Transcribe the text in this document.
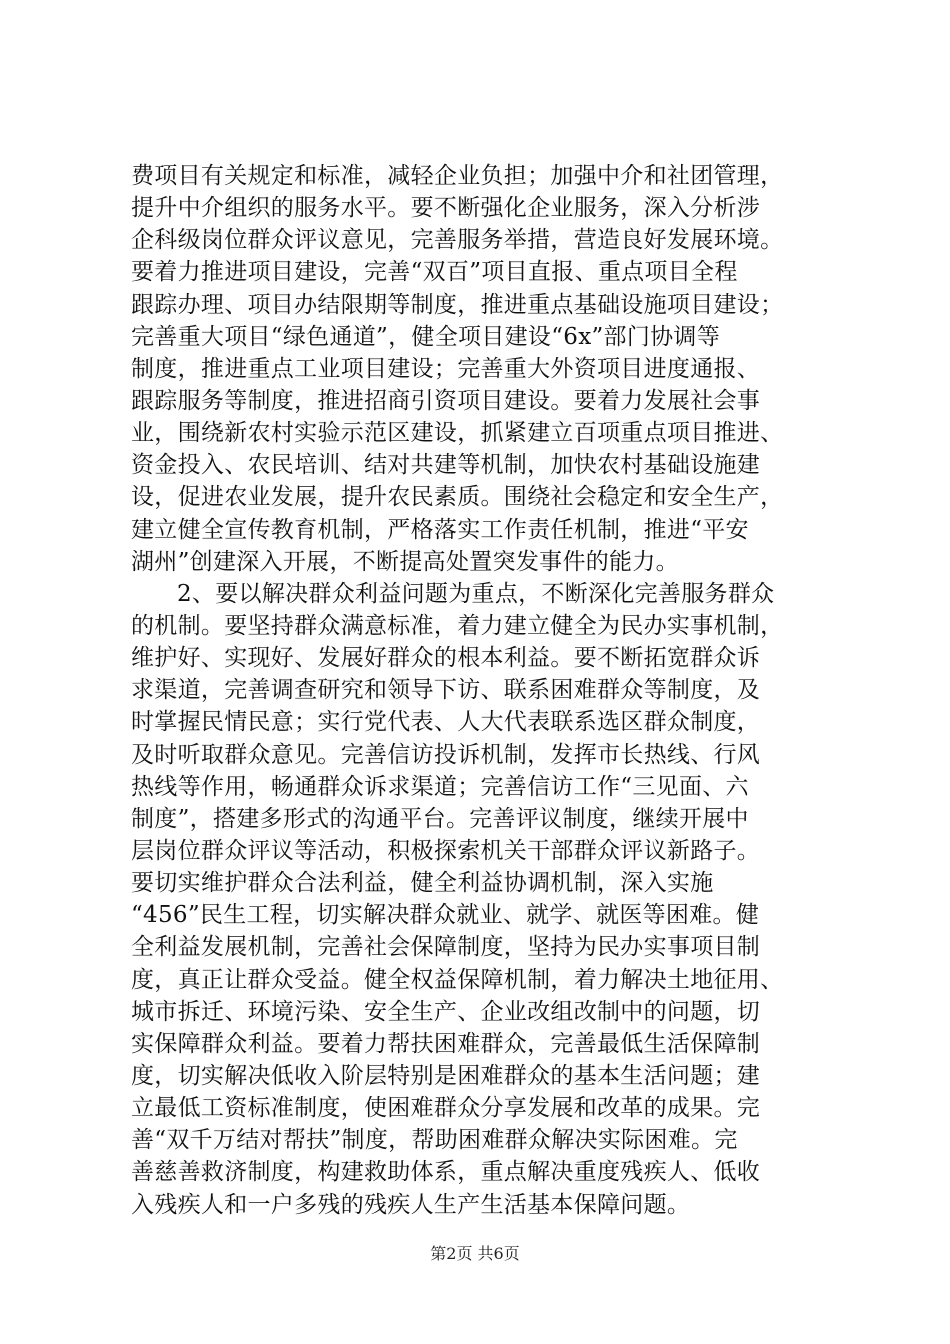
费项目有关规定和标准，减轻企业负担；加强中介和社团管理，
提升中介组织的服务水平。要不断强化企业服务，深入分析涉
企科级岗位群众评议意见，完善服务举措，营造良好发展环境。
要着力推进项目建设，完善“双百”项目直报、重点项目全程
跟踪办理、项目办结限期等制度，推进重点基础设施项目建设；
完善重大项目“绿色通道”，健全项目建设“6x”部门协调等
制度，推进重点工业项目建设；完善重大外资项目进度通报、
跟踪服务等制度，推进招商引资项目建设。要着力发展社会事
业，围绕新农村实验示范区建设，抓紧建立百项重点项目推进、
资金投入、农民培训、结对共建等机制，加快农村基础设施建
设，促进农业发展，提升农民素质。围绕社会稳定和安全生产，
建立健全宣传教育机制，严格落实工作责任机制，推进“平安
湖州”创建深入开展，不断提高处置突发事件的能力。
2、要以解决群众利益问题为重点，不断深化完善服务群众
的机制。要坚持群众满意标准，着力建立健全为民办实事机制，
维护好、实现好、发展好群众的根本利益。要不断拓宽群众诉
求渠道，完善调查研究和领导下访、联系困难群众等制度，及
时掌握民情民意；实行党代表、人大代表联系选区群众制度，
及时听取群众意见。完善信访投诉机制，发挥市长热线、行风
热线等作用，畅通群众诉求渠道；完善信访工作“三见面、六
制度”，搭建多形式的沟通平台。完善评议制度，继续开展中
层岗位群众评议等活动，积极探索机关干部群众评议新路子。
要切实维护群众合法利益，健全利益协调机制，深入实施
“456”民生工程，切实解决群众就业、就学、就医等困难。健
全利益发展机制，完善社会保障制度，坚持为民办实事项目制
度，真正让群众受益。健全权益保障机制，着力解决土地征用、
城市拆迁、环境污染、安全生产、企业改组改制中的问题，切
实保障群众利益。要着力帮扶困难群众，完善最低生活保障制
度，切实解决低收入阶层特别是困难群众的基本生活问题；建
立最低工资标准制度，使困难群众分享发展和改革的成果。完
善“双千万结对帮扶”制度，帮助困难群众解决实际困难。完
善慈善救济制度，构建救助体系，重点解决重度残疾人、低收
入残疾人和一户多残的残疾人生产生活基本保障问题。
第2页 共6页
